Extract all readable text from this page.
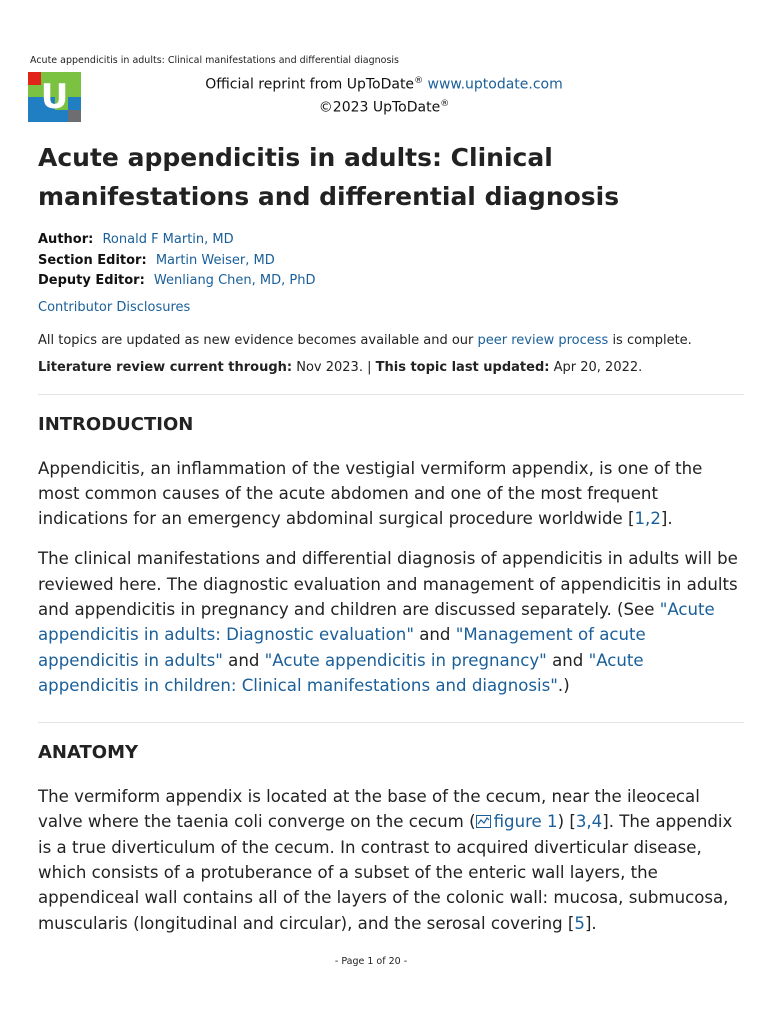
Acute appendicitis in adults: Clinical manifestations and differential diagnosis
U	Official reprint from UpToDate® www.uptodate.com
©2023 UpToDate®
Acute appendicitis in adults: Clinical manifestations and differential diagnosis
Author: Ronald F Martin, MD
Section Editor: Martin Weiser, MD
Deputy Editor: Wenliang Chen, MD, PhD
Contributor Disclosures
All topics are updated as new evidence becomes available and our peer review process is complete.
Literature review current through: Nov 2023. | This topic last updated: Apr 20, 2022.
INTRODUCTION

Appendicitis, an inflammation of the vestigial vermiform appendix, is one of the most common causes of the acute abdomen and one of the most frequent indications for an emergency abdominal surgical procedure worldwide [1,2].

The clinical manifestations and differential diagnosis of appendicitis in adults will be reviewed here. The diagnostic evaluation and management of appendicitis in adults and appendicitis in pregnancy and children are discussed separately. (See "Acute appendicitis in adults: Diagnostic evaluation" and "Management of acute appendicitis in adults" and "Acute appendicitis in pregnancy" and "Acute appendicitis in children: Clinical manifestations and diagnosis".)

ANATOMY

The vermiform appendix is located at the base of the cecum, near the ileocecal valve where the taenia coli converge on the cecum ( figure 1) [3,4]. The appendix is a true diverticulum of the cecum. In contrast to acquired diverticular disease, which consists of a protuberance of a subset of the enteric wall layers, the appendiceal wall contains all of the layers of the colonic wall: mucosa, submucosa, muscularis (longitudinal and circular), and the serosal covering [5].

- Page 1 of 20 -
